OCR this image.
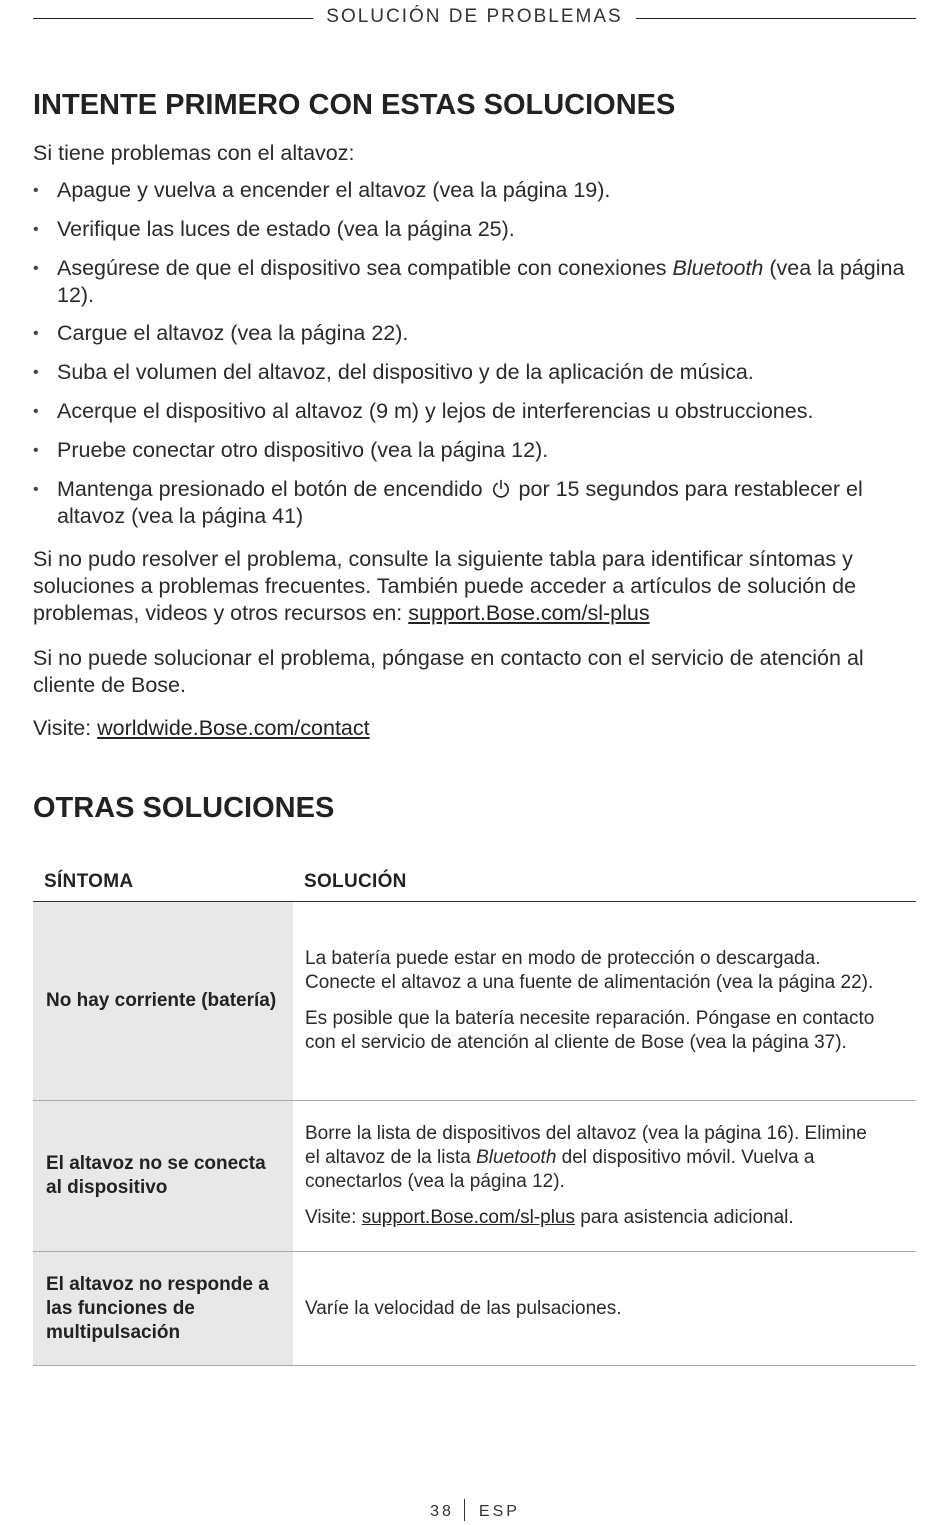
SOLUCIÓN DE PROBLEMAS
INTENTE PRIMERO CON ESTAS SOLUCIONES

Si tiene problemas con el altavoz:

• Apague y vuelva a encender el altavoz (vea la página 19).
• Verifique las luces de estado (vea la página 25).
• Asegúrese de que el dispositivo sea compatible con conexiones Bluetooth (vea la página 12).
• Cargue el altavoz (vea la página 22).
• Suba el volumen del altavoz, del dispositivo y de la aplicación de música.
• Acerque el dispositivo al altavoz (9 m) y lejos de interferencias u obstrucciones.
• Pruebe conectar otro dispositivo (vea la página 12).
• Mantenga presionado el botón de encendido por 15 segundos para restablecer el altavoz (vea la página 41)

Si no pudo resolver el problema, consulte la siguiente tabla para identificar síntomas y soluciones a problemas frecuentes. También puede acceder a artículos de solución de problemas, videos y otros recursos en: support.Bose.com/sl-plus

Si no puede solucionar el problema, póngase en contacto con el servicio de atención al cliente de Bose.

Visite: worldwide.Bose.com/contact

OTRAS SOLUCIONES
SÍNTOMA	SOLUCIÓN
No hay corriente (batería)

La batería puede estar en modo de protección o descargada. Conecte el altavoz a una fuente de alimentación (vea la página 22).

Es posible que la batería necesite reparación. Póngase en contacto con el servicio de atención al cliente de Bose (vea la página 37).

El altavoz no se conecta al dispositivo

Borre la lista de dispositivos del altavoz (vea la página 16). Elimine el altavoz de la lista Bluetooth del dispositivo móvil. Vuelva a conectarlos (vea la página 12).

Visite: support.Bose.com/sl-plus para asistencia adicional.

El altavoz no responde a las funciones de multipulsación

Varíe la velocidad de las pulsaciones.

38 ESP
